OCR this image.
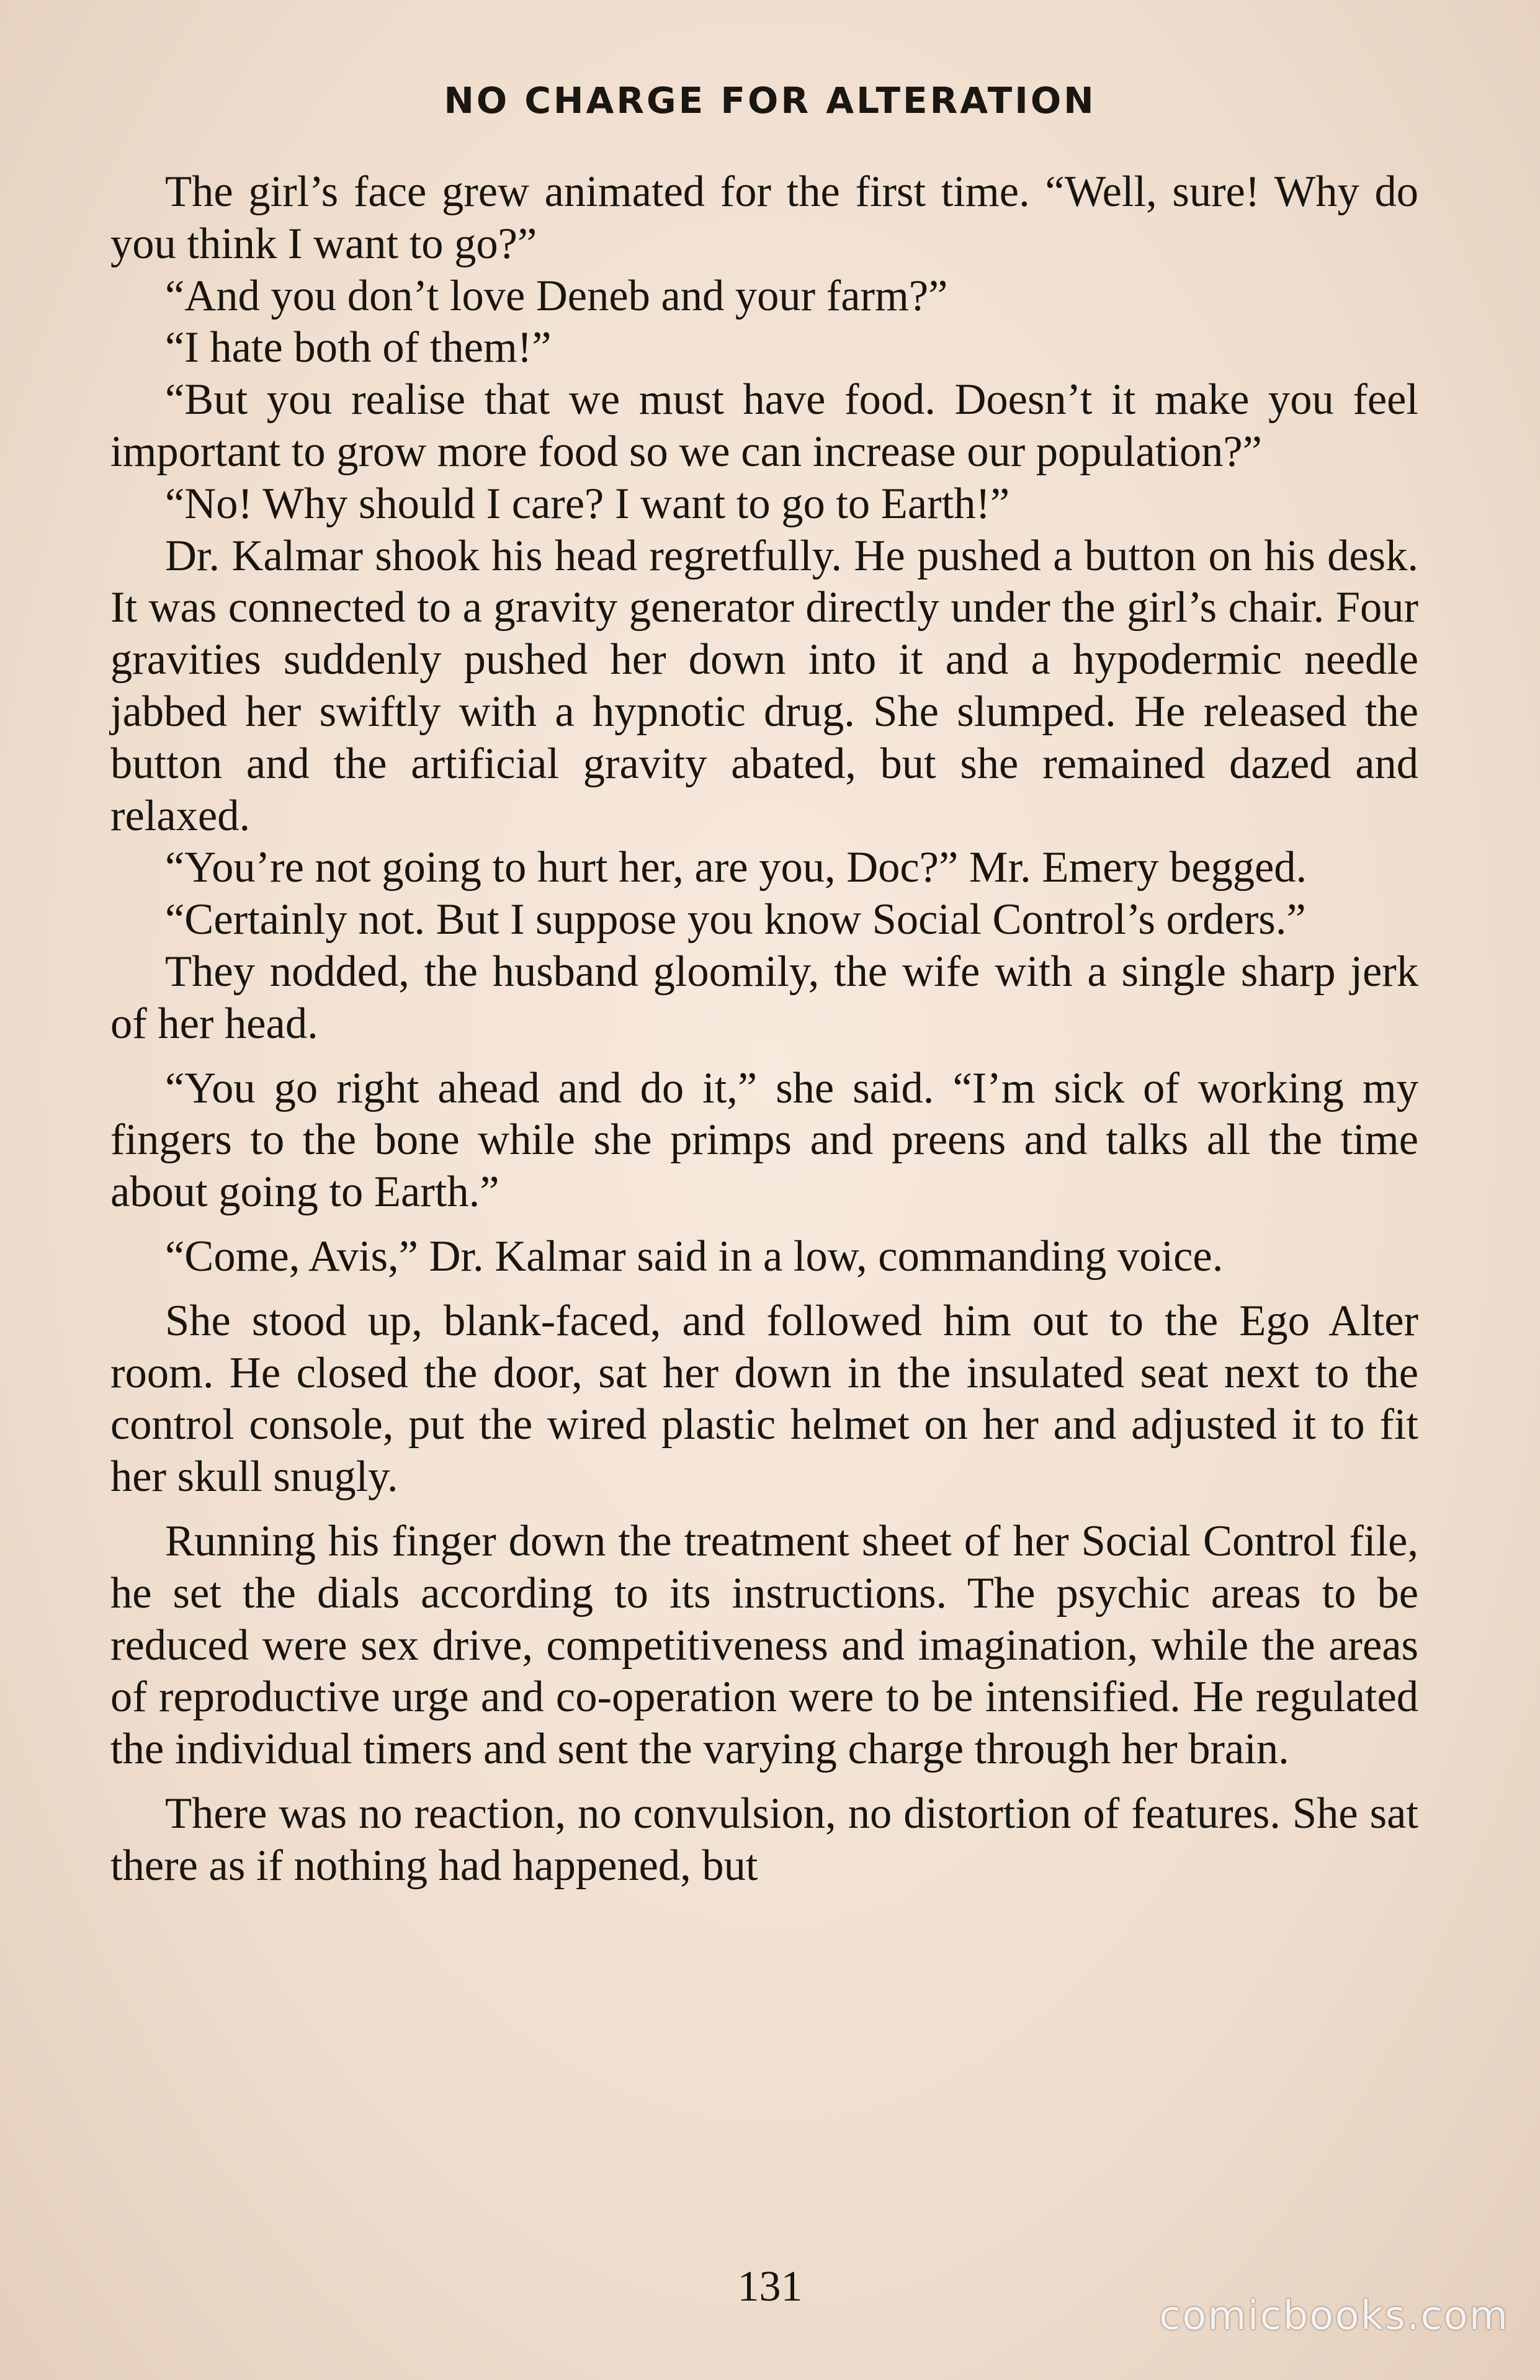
NO CHARGE FOR ALTERATION

The girl’s face grew animated for the first time. “Well, sure! Why do you think I want to go?”

“And you don’t love Deneb and your farm?”

“I hate both of them!”

“But you realise that we must have food. Doesn’t it make you feel important to grow more food so we can increase our population?”

“No! Why should I care? I want to go to Earth!”

Dr. Kalmar shook his head regretfully. He pushed a button on his desk. It was connected to a gravity generator directly under the girl’s chair. Four gravities suddenly pushed her down into it and a hypodermic needle jabbed her swiftly with a hypnotic drug. She slumped. He released the button and the artificial gravity abated, but she remained dazed and relaxed.

“You’re not going to hurt her, are you, Doc?” Mr. Emery begged.

“Certainly not. But I suppose you know Social Control’s orders.”

They nodded, the husband gloomily, the wife with a single sharp jerk of her head.

“You go right ahead and do it,” she said. “I’m sick of working my fingers to the bone while she primps and preens and talks all the time about going to Earth.”

“Come, Avis,” Dr. Kalmar said in a low, commanding voice.

She stood up, blank-faced, and followed him out to the Ego Alter room. He closed the door, sat her down in the insulated seat next to the control console, put the wired plastic helmet on her and adjusted it to fit her skull snugly.

Running his finger down the treatment sheet of her Social Control file, he set the dials according to its instructions. The psychic areas to be reduced were sex drive, competitiveness and imagination, while the areas of reproductive urge and co-operation were to be intensified. He regulated the individual timers and sent the varying charge through her brain.

There was no reaction, no convulsion, no distortion of features. She sat there as if nothing had happened, but

131
comicbooks.com
